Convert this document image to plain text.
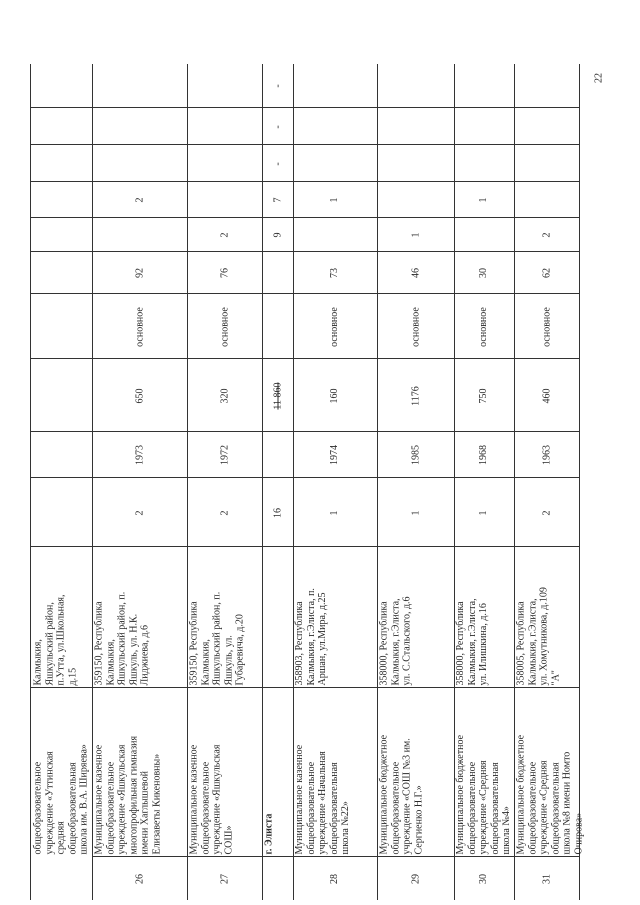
22
Калмыкия,
Яшкульский район,
п.Утта, ул.Школьная,
д.15
общеобразовательное
учреждение «Уттинская
средняя
общеобразовательная
школа им. В.А. Ширяева»
2
92
основное
650
1973
2
359150, Республика
Калмыкия,
Яшкульский район, п.
Яшкуль, ул. Н.К.
Лиджиева, д.6
Муниципальное казенное
общеобразовательное
учреждение «Яшкульская
многопрофильная гимназия
имени Хаглышевой
Елизаветы Кикеновны»
26
2
76
основное
320
1972
2
359150, Республика
Калмыкия,
Яшкульский район, п.
Яшкуль, ул.
Губаревича, д.20
Муниципальное казенное
общеобразовательное
учреждение «Яшкульская
СОШ»
27
-
-
-
7
9
11 860
16
г. Элиста
1
73
основное
160
1974
1
358903, Республика
Калмыкия, г.Элиста, п.
Аршан, ул.Мира, д.25
Муниципальное казенное
общеобразовательное
учреждение «Начальная
общеобразовательная
школа №22»
28
1
46
основное
1176
1985
1
358000, Республика
Калмыкия, г.Элиста,
ул. С.Стальского, д.6
Муниципальное бюджетное
общеобразовательное
учреждение «СОШ №3 им.
Сергиенко Н.Г.»
29
1
30
основное
750
1968
1
358000, Республика
Калмыкия, г.Элиста,
ул. Илишкина, д.16
Муниципальное бюджетное
общеобразовательное
учреждение «Средняя
общеобразовательная
школа №4»
30
2
62
основное
460
1963
2
358005, Республика
Калмыкия, г.Элиста,
ул. Хомутникова, д.109
"А"
Муниципальное бюджетное
общеобразовательное
учреждение «Средняя
общеобразовательная
школа №8 имени Номто
Очирова»
31
